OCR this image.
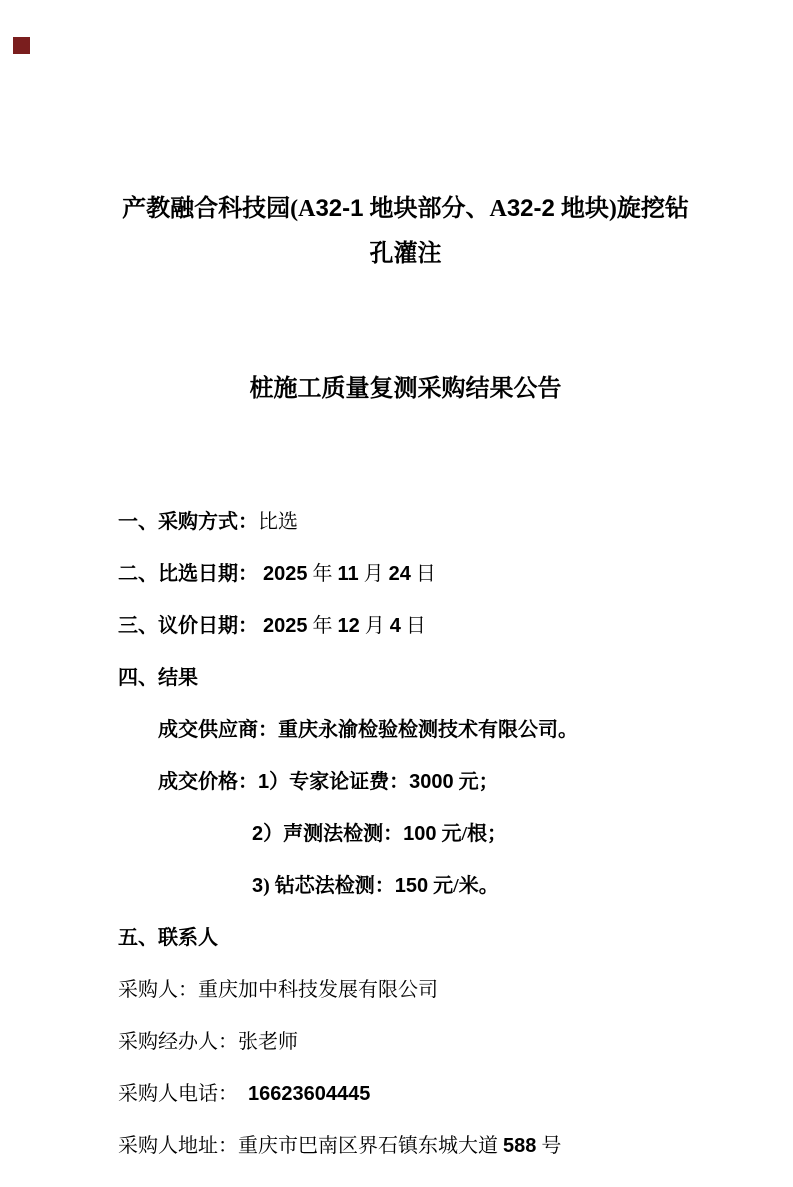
产教融合科技园(A32-1 地块部分、A32-2 地块)旋挖钻孔灌注

桩施工质量复测采购结果公告

一、采购方式：比选
二、比选日期： 2025 年 11 月 24 日
三、议价日期： 2025 年 12 月 4 日
四、结果
成交供应商：重庆永渝检验检测技术有限公司。
成交价格：1）专家论证费：3000 元；
2）声测法检测：100 元/根；
3) 钻芯法检测：150 元/米。
五、联系人
采购人：重庆加中科技发展有限公司
采购经办人：张老师
采购人电话：  16623604445
采购人地址：重庆市巴南区界石镇东城大道 588 号
